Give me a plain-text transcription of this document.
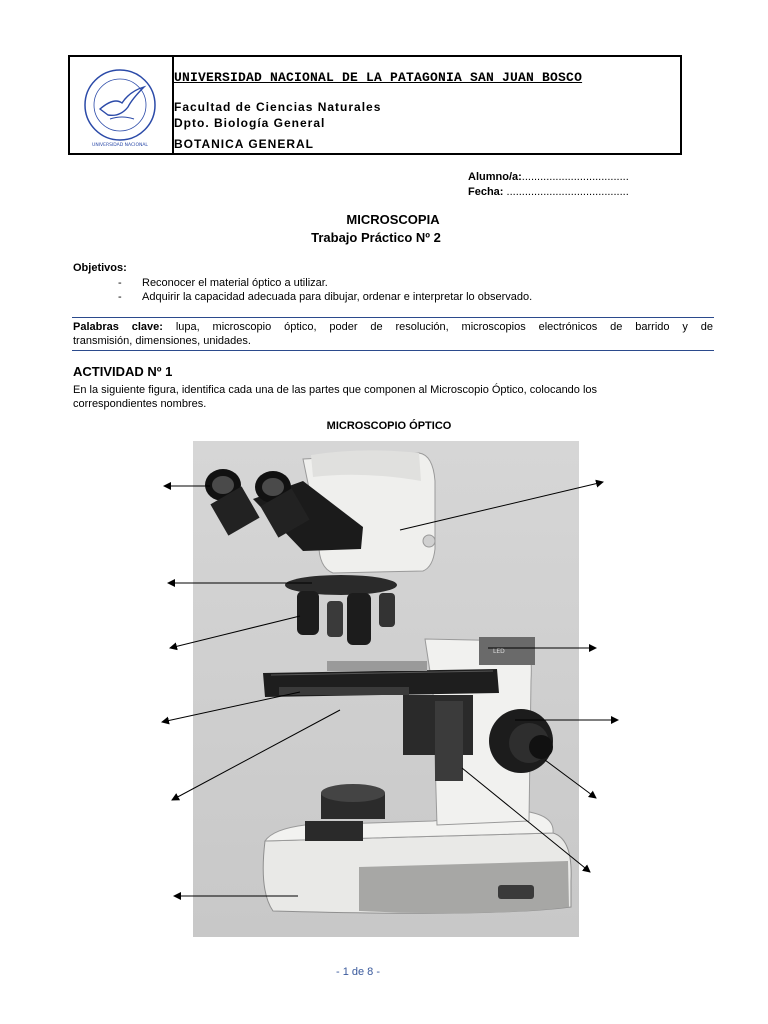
UNIVERSIDAD NACIONAL
UNIVERSIDAD NACIONAL DE LA PATAGONIA SAN JUAN BOSCO
Facultad de Ciencias Naturales
Dpto. Biología General
BOTANICA GENERAL
Alumno/a:...................................
Fecha: ........................................
MICROSCOPIA
Trabajo Práctico Nº 2
Objetivos:
- Reconocer el material óptico a utilizar.
- Adquirir la capacidad adecuada para dibujar, ordenar e interpretar lo observado.
Palabras clave: lupa, microscopio óptico, poder de resolución, microscopios electrónicos de barrido y de
transmisión, dimensiones, unidades.
ACTIVIDAD Nº 1
En la siguiente figura, identifica cada una de las partes que componen al Microscopio Óptico, colocando los
correspondientes nombres.
MICROSCOPIO ÓPTICO
LED
- 1 de 8 -
